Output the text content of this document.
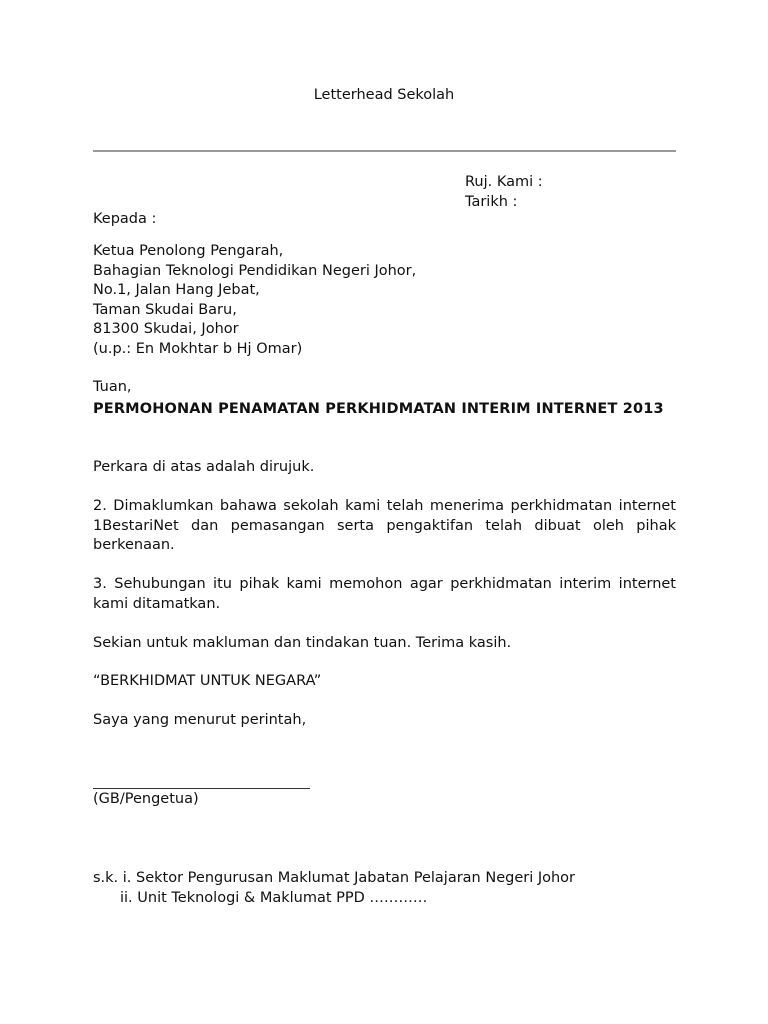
Letterhead Sekolah
Ruj. Kami :
Tarikh :
Kepada :
Ketua Penolong Pengarah,
Bahagian Teknologi Pendidikan Negeri Johor,
No.1, Jalan Hang Jebat,
Taman Skudai Baru,
81300 Skudai, Johor
(u.p.: En Mokhtar b Hj Omar)
Tuan,
PERMOHONAN PENAMATAN PERKHIDMATAN INTERIM INTERNET 2013
Perkara di atas adalah dirujuk.
2. Dimaklumkan bahawa sekolah kami telah menerima perkhidmatan internet 1BestariNet dan pemasangan serta pengaktifan telah dibuat oleh pihak berkenaan.
3. Sehubungan itu pihak kami memohon agar perkhidmatan interim internet kami ditamatkan.
Sekian untuk makluman dan tindakan tuan. Terima kasih.
“BERKHIDMAT UNTUK NEGARA”
Saya yang menurut perintah,
(GB/Pengetua)
s.k. i. Sektor Pengurusan Maklumat Jabatan Pelajaran Negeri Johor
ii. Unit Teknologi & Maklumat PPD …………
